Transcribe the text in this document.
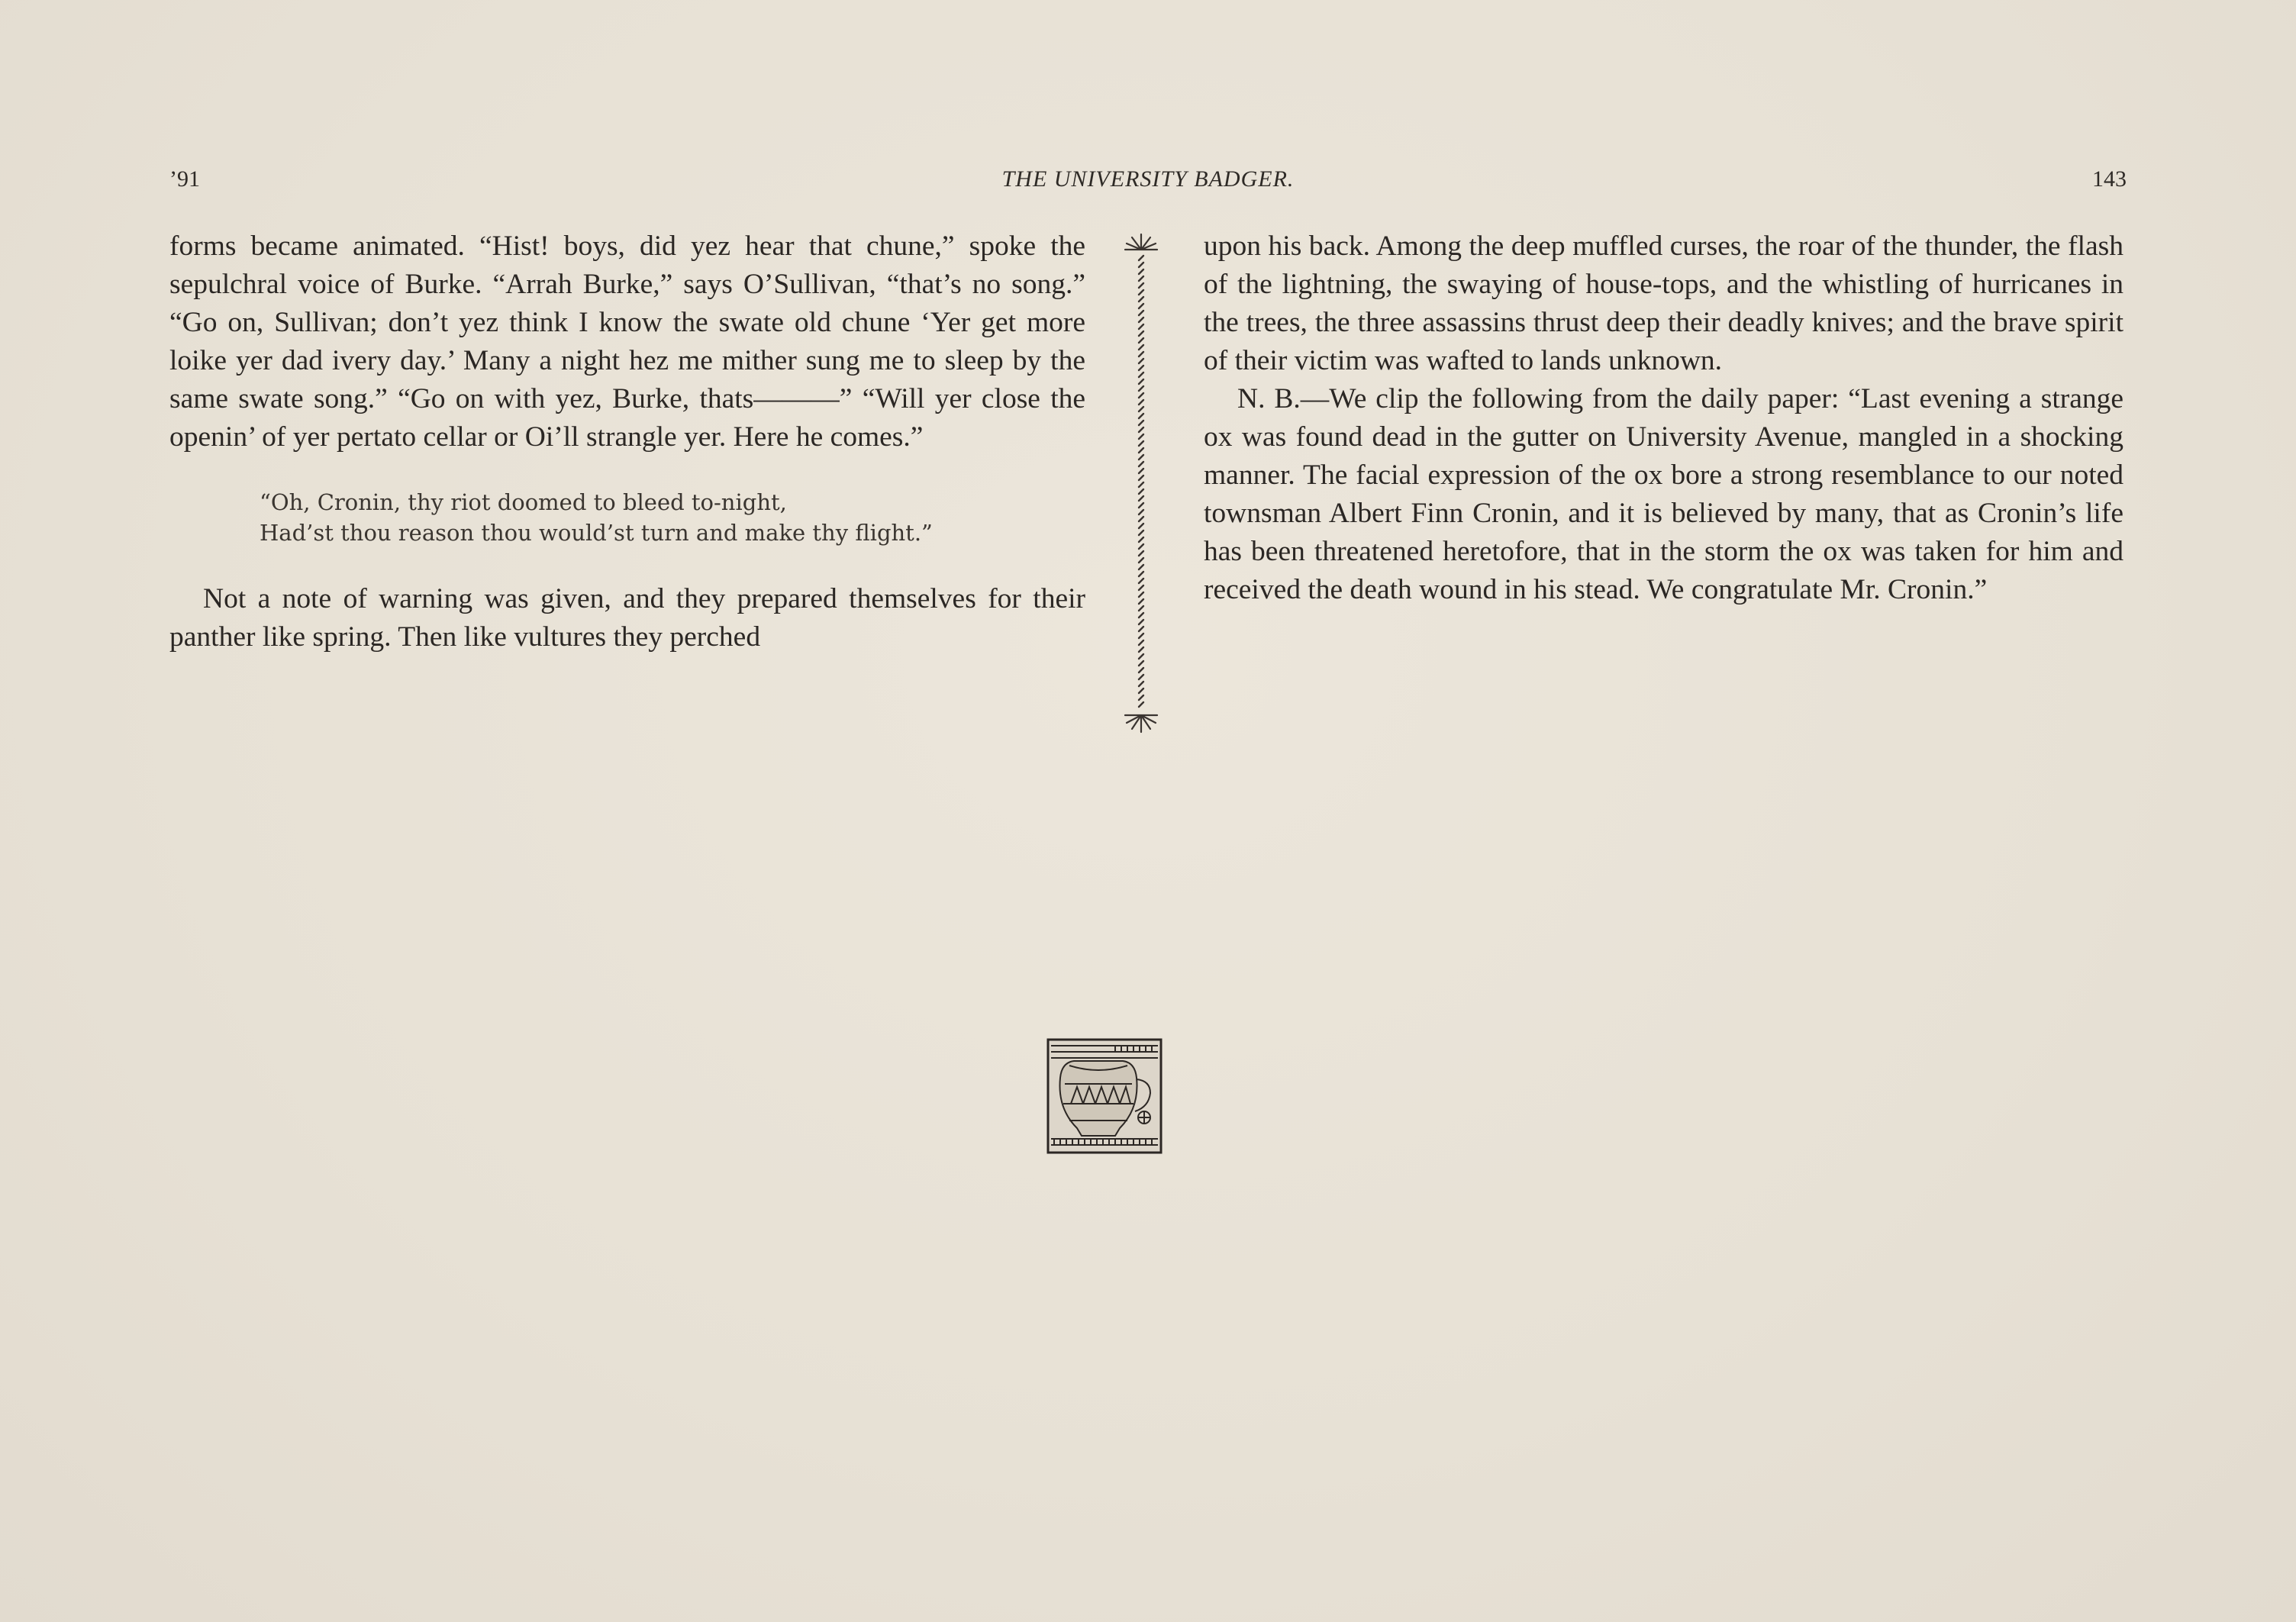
’91	THE UNIVERSITY BADGER.	143

forms became animated. “Hist! boys, did yez hear that chune,” spoke the sepulchral voice of Burke. “Arrah Burke,” says O’Sullivan, “that’s no song.” “Go on, Sullivan; don’t yez think I know the swate old chune ‘Yer get more loike yer dad ivery day.’ Many a night hez me mither sung me to sleep by the same swate song.” “Go on with yez, Burke, thats———” “Will yer close the openin’ of yer pertato cellar or Oi’ll strangle yer. Here he comes.”

“Oh, Cronin, thy riot doomed to bleed to-night,
Had’st thou reason thou would’st turn and make thy flight.”

Not a note of warning was given, and they prepared themselves for their panther like spring. Then like vultures they perched

upon his back. Among the deep muffled curses, the roar of the thunder, the flash of the lightning, the swaying of house-tops, and the whistling of hurricanes in the trees, the three assassins thrust deep their deadly knives; and the brave spirit of their victim was wafted to lands unknown.

N. B.—We clip the following from the daily paper: “Last evening a strange ox was found dead in the gutter on University Avenue, mangled in a shocking manner. The facial expression of the ox bore a strong resemblance to our noted townsman Albert Finn Cronin, and it is believed by many, that as Cronin’s life has been threatened heretofore, that in the storm the ox was taken for him and received the death wound in his stead. We congratulate Mr. Cronin.”
